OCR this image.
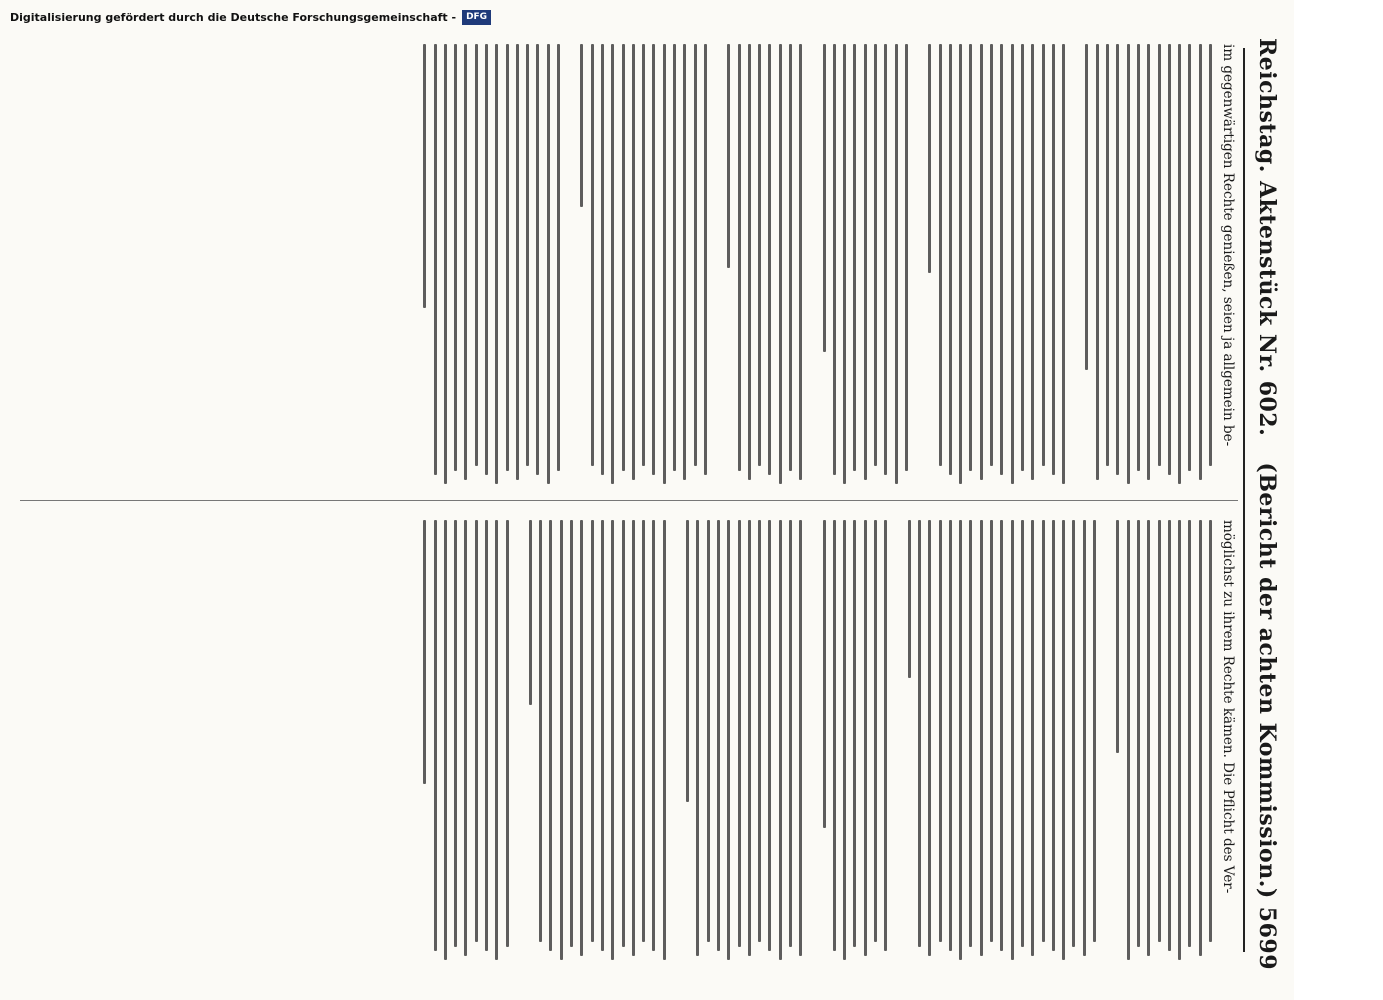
Reichstag. Aktenstück Nr.602.
(Bericht der achten Kommission.)5699
im gegenwärtigen Rechte genießen, seien ja allgemein be-
möglichst zu ihrem Rechte kämen. Die Pflicht des Ver-
Digitalisierung gefördert durch die Deutsche Forschungsgemeinschaft -	DFG
